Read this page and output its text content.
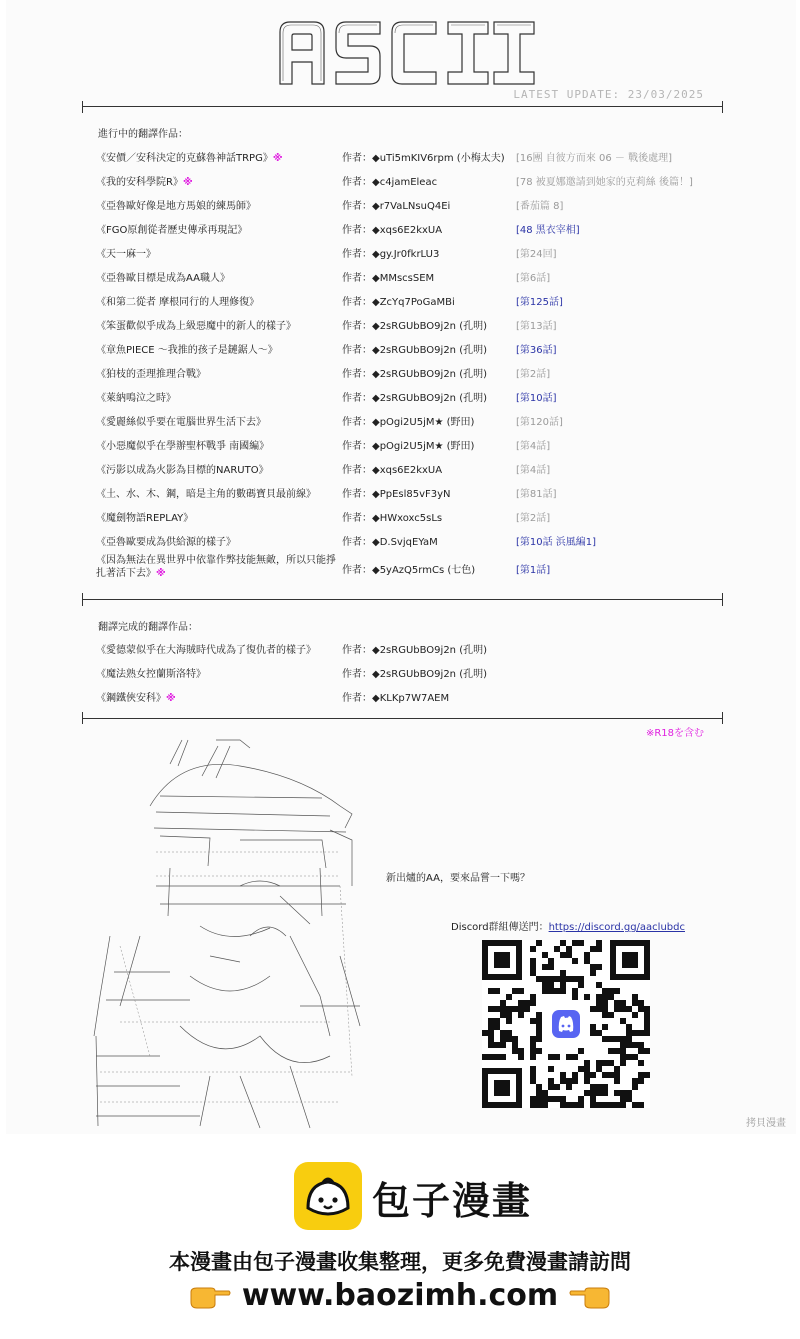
LATEST UPDATE: 23/03/2025
進行中的翻譯作品：
《安價／安科決定的克蘇魯神話TRPG》※	作者：◆uTi5mKIV6rpm (小梅太夫) [16團 自彼方而來 06 － 戰後處理]
《我的安科學院R》※	作者：◆c4jamEleac	[78 被夏娜邀請到她家的克莉絲 後篇！]
《亞魯歐好像是地方馬娘的練馬師》	作者：◆r7VaLNsuQ4Ei	[番茄篇 8]
《FGO原創從者歷史傳承再現記》	作者：◆xqs6E2kxUA	[48 黑衣宰相]
《天一麻一》	作者：◆gy.Jr0fkrLU3	[第24回]
《亞魯歐目標是成為AA職人》	作者：◆MMscsSEM	[第6話]
《和第二從者 摩根同行的人理修復》	作者：◆ZcYq7PoGaMBi	[第125話]
《笨蛋歡似乎成為上級惡魔中的新人的樣子》	作者：◆2sRGUbBO9j2n (孔明)	[第13話]
《章魚PIECE ～我推的孩子是鏈鋸人～》	作者：◆2sRGUbBO9j2n (孔明)	[第36話]
《狛枝的歪理推理合戰》	作者：◆2sRGUbBO9j2n (孔明)	[第2話]
《萊納鳴泣之時》	作者：◆2sRGUbBO9j2n (孔明)	[第10話]
《愛麗絲似乎要在電腦世界生活下去》	作者：◆pOgi2U5jM★ (野田)	[第120話]
《小惡魔似乎在學辦聖杯戰爭 南國編》	作者：◆pOgi2U5jM★ (野田)	[第4話]
《污影以成為火影為目標的NARUTO》	作者：◆xqs6E2kxUA	[第4話]
《土、水、木、鋼，暗是主角的數碼寶貝最前線》	作者：◆PpEsl85vF3yN	[第81話]
《魔劍物語REPLAY》	作者：◆HWxoxc5sLs	[第2話]
《亞魯歐要成為供給源的樣子》	作者：◆D.SvjqEYaM	[第10話 浜風編1]
《因為無法在異世界中依靠作弊技能無敵，所以只能掙扎著活下去》※	作者：◆5yAzQ5rmCs (七色)	[第1話]
翻譯完成的翻譯作品：
《愛德蒙似乎在大海賊時代成為了復仇者的樣子》	作者：◆2sRGUbBO9j2n (孔明)
《魔法熟女控蘭斯洛特》	作者：◆2sRGUbBO9j2n (孔明)
《鋼鐵俠安科》※	作者：◆KLKp7W7AEM
※R18を含む
新出爐的AA，要來品嘗一下嗎？
Discord群組傳送門：https://discord.gg/aaclubdc
拷貝漫畫
包子漫畫
本漫畫由包子漫畫收集整理，更多免費漫畫請訪問
www.baozimh.com
